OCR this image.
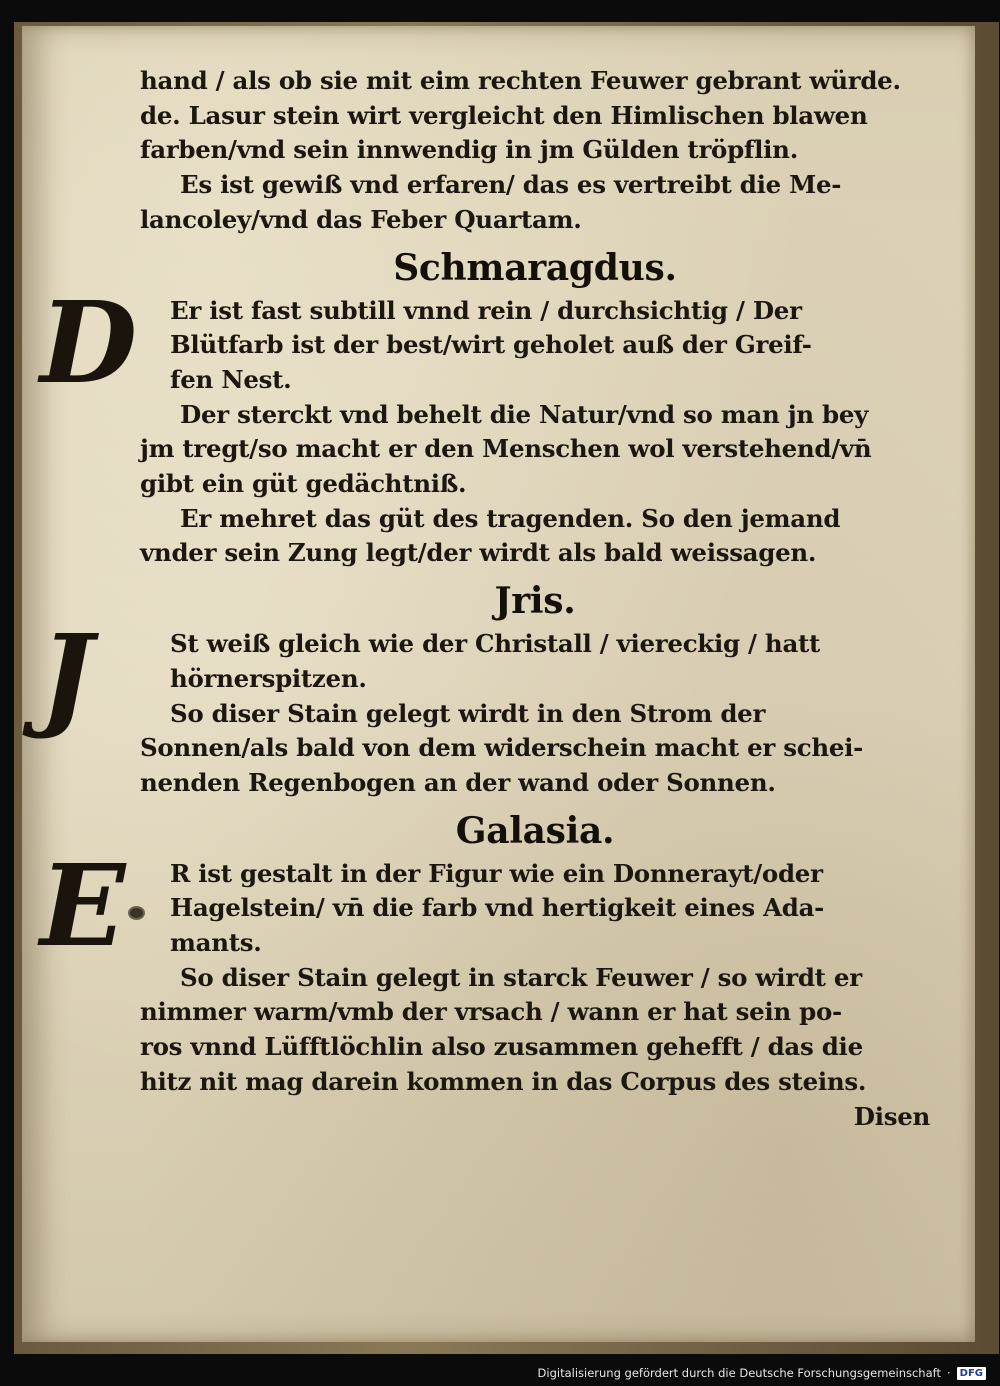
hand / als ob sie mit eim rechten Feuwer gebrant würde.
de. Lasur stein wirt vergleicht den Himlischen blawen
farben/vnd sein innwendig in jm Gülden tröpflin.
Es ist gewiß vnd erfaren/ das es vertreibt die Me-
lancoley/vnd das Feber Quartam.
Schmaragdus.
D	Er ist fast subtill vnnd rein / durchsichtig / Der
Blütfarb ist der best/wirt geholet auß der Greif-
fen Nest.
Der sterckt vnd behelt die Natur/vnd so man jn bey
jm tregt/so macht er den Menschen wol verstehend/vn̄
gibt ein güt gedächtniß.
Er mehret das güt des tragenden. So den jemand
vnder sein Zung legt/der wirdt als bald weissagen.
Jris.
J	St weiß gleich wie der Christall / viereckig / hatt
hörnerspitzen.
So diser Stain gelegt wirdt in den Strom der
Sonnen/als bald von dem widerschein macht er schei-
nenden Regenbogen an der wand oder Sonnen.
Galasia.
E	R ist gestalt in der Figur wie ein Donnerayt/oder
Hagelstein/ vn̄ die farb vnd hertigkeit eines Ada-
mants.
So diser Stain gelegt in starck Feuwer / so wirdt er
nimmer warm/vmb der vrsach / wann er hat sein po-
ros vnnd Lüfftlöchlin also zusammen gehefft / das die
hitz nit mag darein kommen in das Corpus des steins.
Disen
Digitalisierung gefördert durch die Deutsche Forschungsgemeinschaft · DFG
